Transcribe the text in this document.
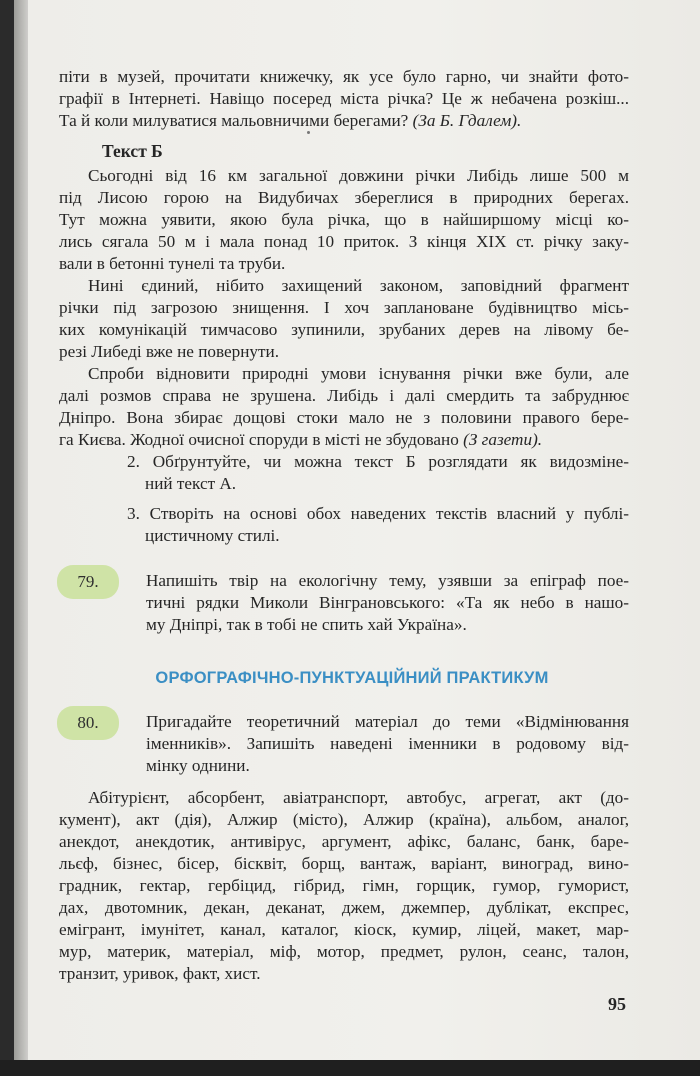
піти в музей, прочитати книжечку, як усе було гарно, чи знайти фото-
графії в Інтернеті. Навіщо посеред міста річка? Це ж небачена розкіш...
Та й коли милуватися мальовничими берегами? (За Б. Гдалем).
Текст Б
Сьогодні від 16 км загальної довжини річки Либідь лише 500 м
під Лисою горою на Видубичах збереглися в природних берегах.
Тут можна уявити, якою була річка, що в найширшому місці ко-
лись сягала 50 м і мала понад 10 приток. З кінця XIX ст. річку заку-
вали в бетонні тунелі та труби.
Нині єдиний, нібито захищений законом, заповідний фрагмент
річки під загрозою знищення. І хоч заплановане будівництво місь-
ких комунікацій тимчасово зупинили, зрубаних дерев на лівому бе-
резі Либеді вже не повернути.
Спроби відновити природні умови існування річки вже були, але
далі розмов справа не зрушена. Либідь і далі смердить та забруднює
Дніпро. Вона збирає дощові стоки мало не з половини правого бере-
га Києва. Жодної очисної споруди в місті не збудовано (З газети).
2. Обґрунтуйте, чи можна текст Б розглядати як видозміне-
ний текст А.
3. Створіть на основі обох наведених текстів власний у публі-
цистичному стилі.
79.	Напишіть твір на екологічну тему, узявши за епіграф пое-
тичні рядки Миколи Вінграновського: «Та як небо в нашо-
му Дніпрі, так в тобі не спить хай Україна».
ОРФОГРАФІЧНО-ПУНКТУАЦІЙНИЙ ПРАКТИКУМ
80.	Пригадайте теоретичний матеріал до теми «Відмінювання
іменників». Запишіть наведені іменники в родовому від-
мінку однини.
Абітурієнт, абсорбент, авіатранспорт, автобус, агрегат, акт (до-
кумент), акт (дія), Алжир (місто), Алжир (країна), альбом, аналог,
анекдот, анекдотик, антивірус, аргумент, афікс, баланс, банк, баре-
льєф, бізнес, бісер, бісквіт, борщ, вантаж, варіант, виноград, вино-
градник, гектар, гербіцид, гібрид, гімн, горщик, гумор, гуморист,
дах, двотомник, декан, деканат, джем, джемпер, дублікат, експрес,
емігрант, імунітет, канал, каталог, кіоск, кумир, ліцей, макет, мар-
мур, материк, матеріал, міф, мотор, предмет, рулон, сеанс, талон,
транзит, уривок, факт, хист.
95
